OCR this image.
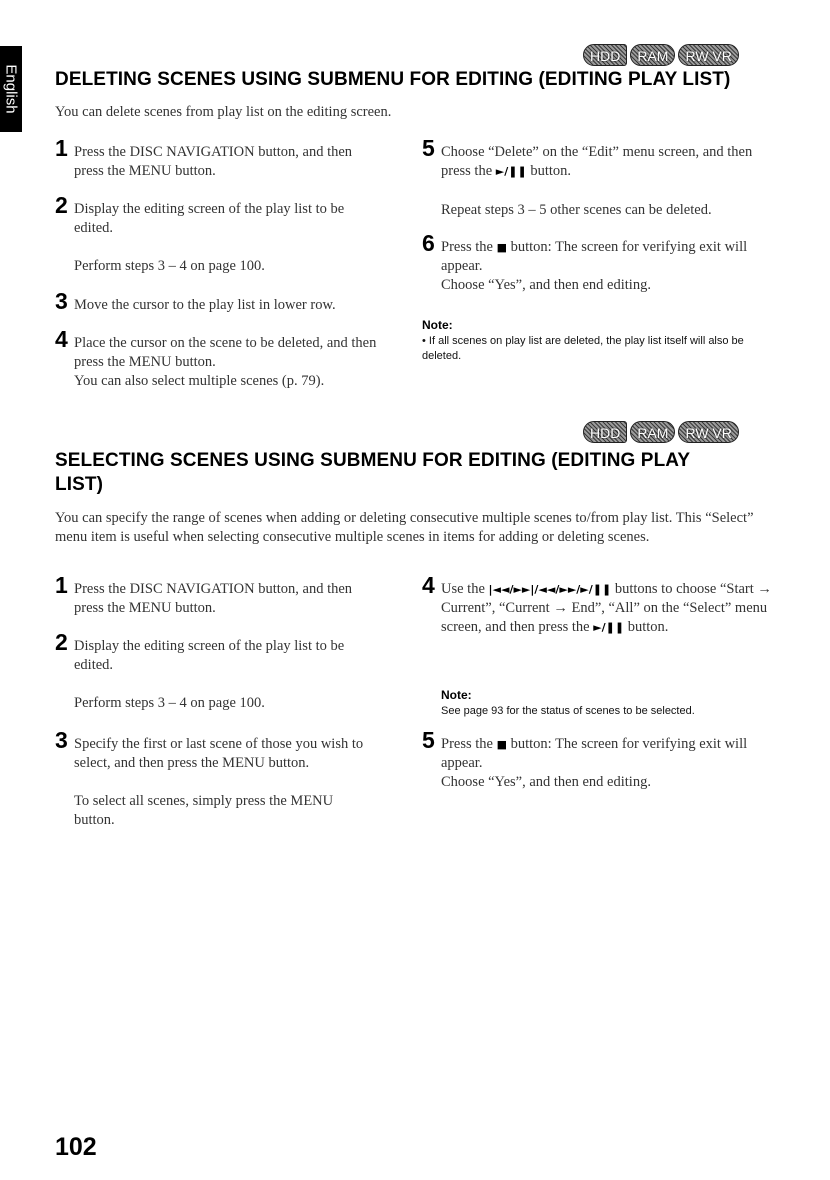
English
HDD	RAM	RW VR
DELETING SCENES USING SUBMENU FOR EDITING (EDITING PLAY LIST)
You can delete scenes from play list on the editing screen.
1 Press the DISC NAVIGATION button, and then press the MENU button.
2 Display the editing screen of the play list to be edited.
Perform steps 3 – 4 on page 100.
3 Move the cursor to the play list in lower row.
4 Place the cursor on the scene to be deleted, and then press the MENU button.
You can also select multiple scenes (p. 79).
5 Choose “Delete” on the “Edit” menu screen, and then press the ►/❚❚ button.
Repeat steps 3 – 5 other scenes can be deleted.
6 Press the ■ button: The screen for verifying exit will appear.
Choose “Yes”, and then end editing.
Note:
• If all scenes on play list are deleted, the play list itself will also be deleted.
HDD	RAM	RW VR
SELECTING SCENES USING SUBMENU FOR EDITING (EDITING PLAY
LIST)
You can specify the range of scenes when adding or deleting consecutive multiple scenes to/from play list. This “Select” menu item is useful when selecting consecutive multiple scenes in items for adding or deleting scenes.
1 Press the DISC NAVIGATION button, and then press the MENU button.
2 Display the editing screen of the play list to be edited.
Perform steps 3 – 4 on page 100.
3 Specify the first or last scene of those you wish to select, and then press the MENU button.
To select all scenes, simply press the MENU button.
4 Use the |◄◄/►►|/◄◄/►►/►/❚❚ buttons to choose “Start → Current”, “Current → End”, “All” on the “Select” menu screen, and then press the ►/❚❚ button.
Note:
See page 93 for the status of scenes to be selected.
5 Press the ■ button: The screen for verifying exit will appear.
Choose “Yes”, and then end editing.
102
